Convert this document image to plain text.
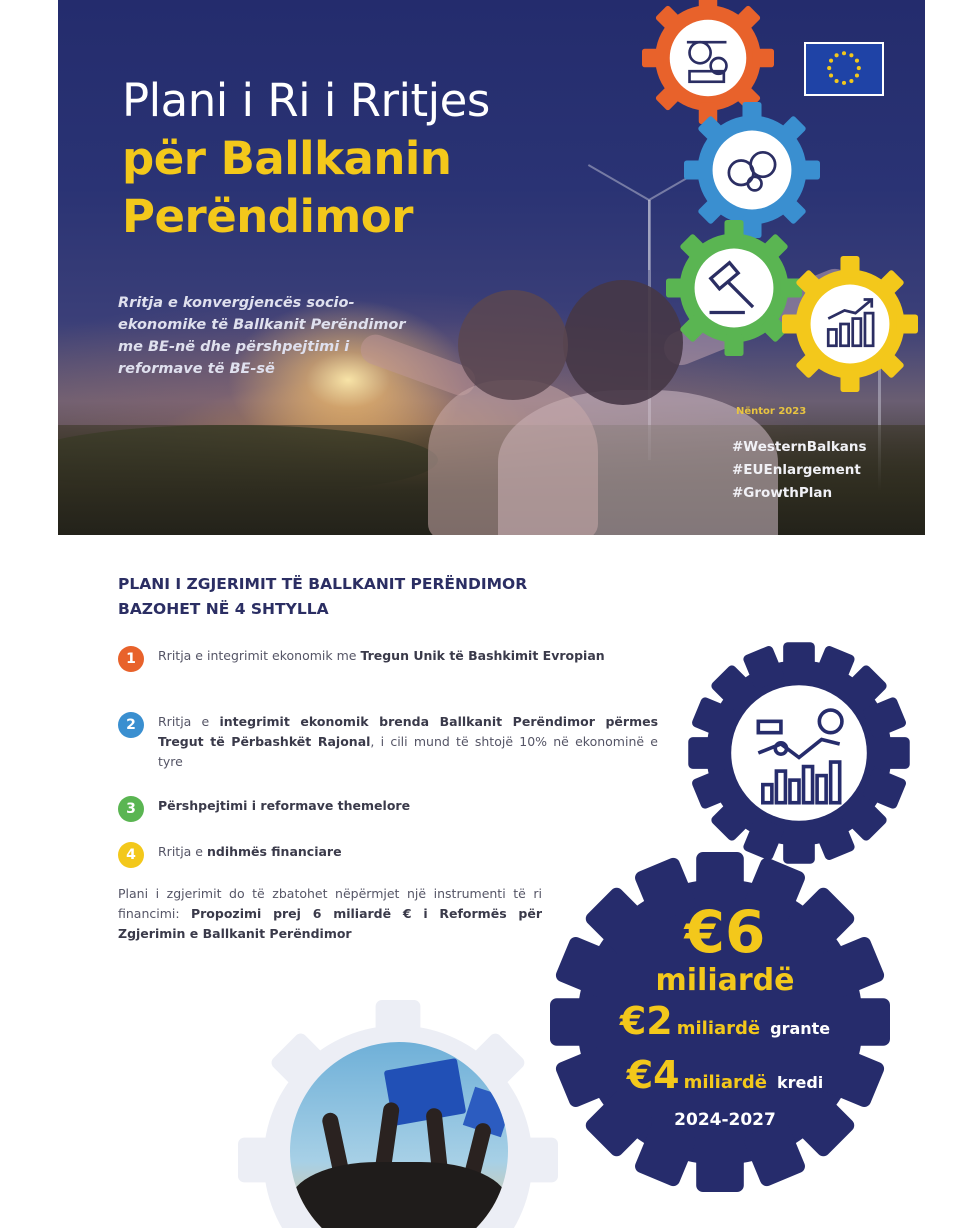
Plani i Ri i Rritjes
për Ballkanin
Perëndimor

Rritja e konvergjencës socio-ekonomike të Ballkanit Perëndimor me BE-në dhe përshpejtimi i reformave të BE-së

Nëntor 2023
#WesternBalkans
#EUEnlargement
#GrowthPlan
PLANI I ZGJERIMIT TË BALLKANIT PERËNDIMOR
BAZOHET NË 4 SHTYLLA
1	Rritja e integrimit ekonomik me Tregun Unik të Bashkimit Evropian

2	Rritja e integrimit ekonomik brenda Ballkanit Perëndimor përmes Tregut të Përbashkët Rajonal, i cili mund të shtojë 10% në ekonominë e tyre

3	Përshpejtimi i reformave themelore

4	Rritja e ndihmës financiare

Plani i zgjerimit do të zbatohet nëpërmjet një instrumenti të ri financimi: Propozimi prej 6 miliardë € i Reformës për Zgjerimin e Ballkanit Perëndimor	€6
miliardë
€2 miliardë grante
€4 miliardë kredi
2024-2027
